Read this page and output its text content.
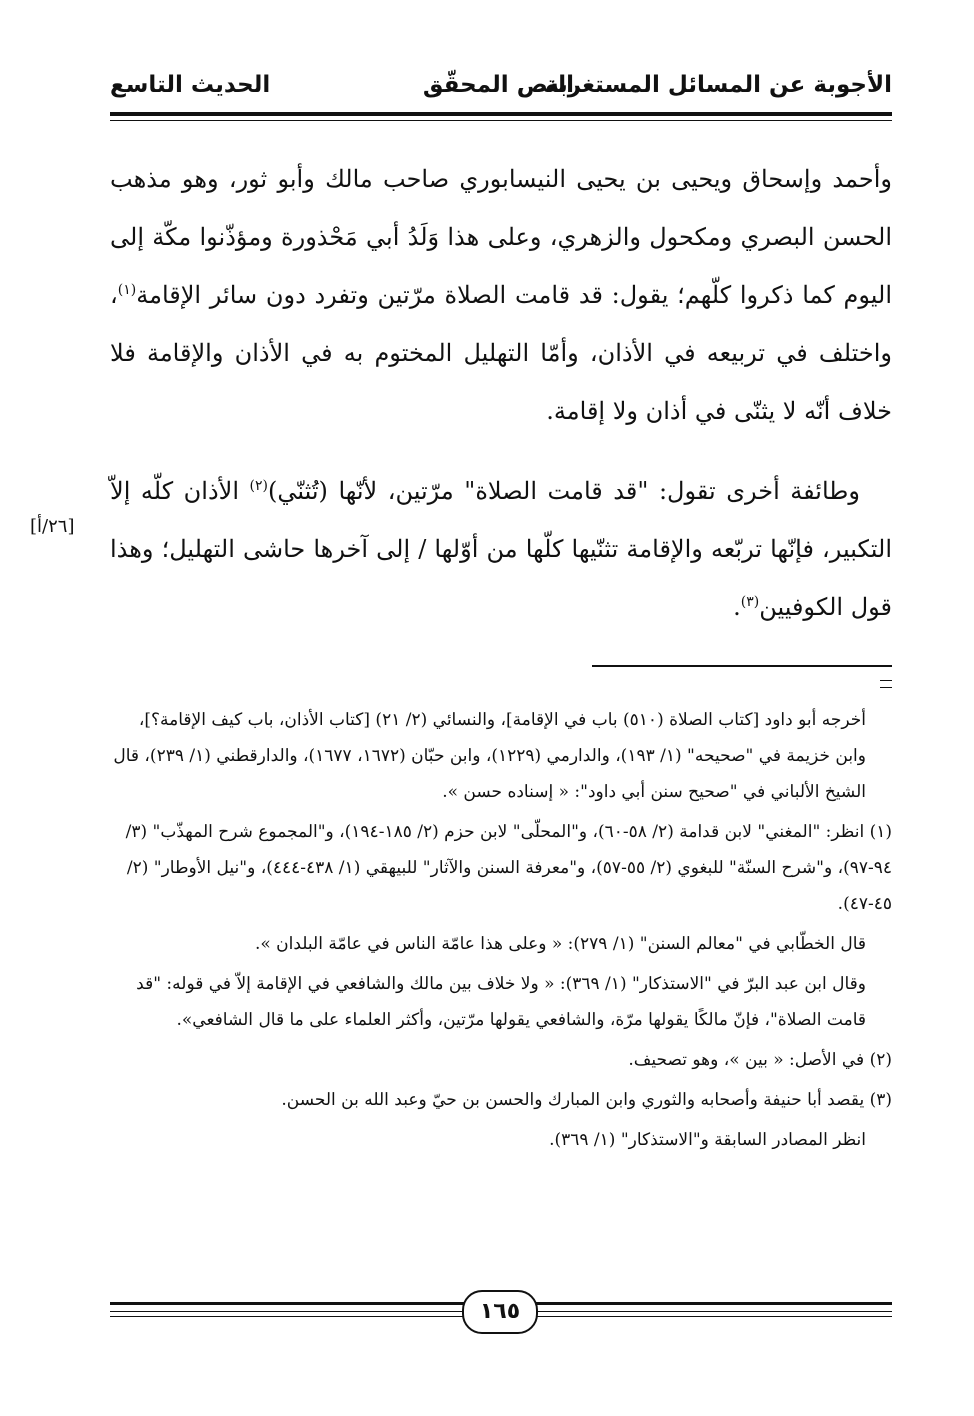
الأجوبة عن المسائل المستغربة
النص المحقّق
الحديث التاسع

وأحمد وإسحاق ويحيى بن يحيى النيسابوري صاحب مالك وأبو ثور، وهو مذهب الحسن البصري ومكحول والزهري، وعلى هذا وَلَدُ أبي مَحْذورة ومؤذّنوا مكّة إلى اليوم كما ذكروا كلّهم؛ يقول: قد قامت الصلاة مرّتين وتفرد دون سائر الإقامة$^{(١)}$، واختلف في تربيعه في الأذان، وأمّا التهليل المختوم به في الأذان والإقامة فلا خلاف أنّه لا يثنّى في أذان ولا إقامة.

وطائفة أخرى تقول: "قد قامت الصلاة" مرّتين، لأنّها (تُثنّي)$^{(٢)}$ الأذان كلّه إلاّ التكبير، فإنّها تربّعه والإقامة تثنّيها كلّها من أوّلها / إلى آخرها حاشى التهليل؛ وهذا قول الكوفيين$^{(٣)}$.

[٢٦/أ]

أخرجه أبو داود [كتاب الصلاة (٥١٠) باب في الإقامة]، والنسائي (٢/ ٢١) [كتاب الأذان، باب كيف الإقامة؟]، وابن خزيمة في "صحيحه" (١/ ١٩٣)، والدارمي (١٢٢٩)، وابن حبّان (١٦٧٢، ١٦٧٧)، والدارقطني (١/ ٢٣٩)، قال الشيخ الألباني في "صحيح سنن أبي داود": « إسناده حسن ».

(١) انظر: "المغني" لابن قدامة (٢/ ٥٨-٦٠)، و"المحلّى" لابن حزم (٢/ ١٨٥-١٩٤)، و"المجموع شرح المهذّب" (٣/ ٩٤-٩٧)، و"شرح السنّة" للبغوي (٢/ ٥٥-٥٧)، و"معرفة السنن والآثار" للبيهقي (١/ ٤٣٨-٤٤٤)، و"نيل الأوطار" (٢/ ٤٥-٤٧).

قال الخطّابي في "معالم السنن" (١/ ٢٧٩): « وعلى هذا عامّة الناس في عامّة البلدان ».

وقال ابن عبد البرّ في "الاستذكار" (١/ ٣٦٩): « ولا خلاف بين مالك والشافعي في الإقامة إلاّ في قوله: "قد قامت الصلاة"، فإنّ مالكًا يقولها مرّة، والشافعي يقولها مرّتين، وأكثر العلماء على ما قال الشافعي».

(٢) في الأصل: « بين »، وهو تصحيف.

(٣) يقصد أبا حنيفة وأصحابه والثوري وابن المبارك والحسن بن حيّ وعبد الله بن الحسن.

انظر المصادر السابقة و"الاستذكار" (١/ ٣٦٩).

١٦٥
